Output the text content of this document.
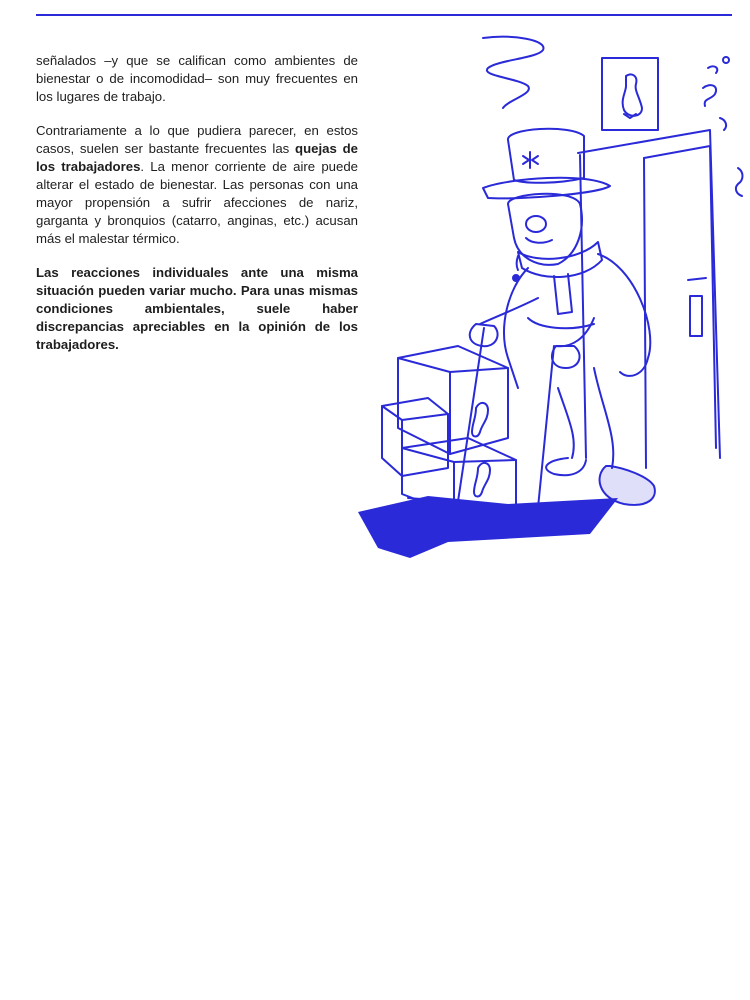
señalados –y que se califican como ambientes de bienestar o de incomodidad– son muy frecuentes en los lugares de trabajo.

Contrariamente a lo que pudiera parecer, en estos casos, suelen ser bastante frecuentes las quejas de los trabajadores. La menor corriente de aire puede alterar el estado de bienestar. Las personas con una mayor propensión a sufrir afecciones de nariz, garganta y bronquios (catarro, anginas, etc.) acusan más el malestar térmico.

Las reacciones individuales ante una misma situación pueden variar mucho. Para unas mismas condiciones ambientales, suele haber discrepancias apreciables en la opinión de los trabajadores.
